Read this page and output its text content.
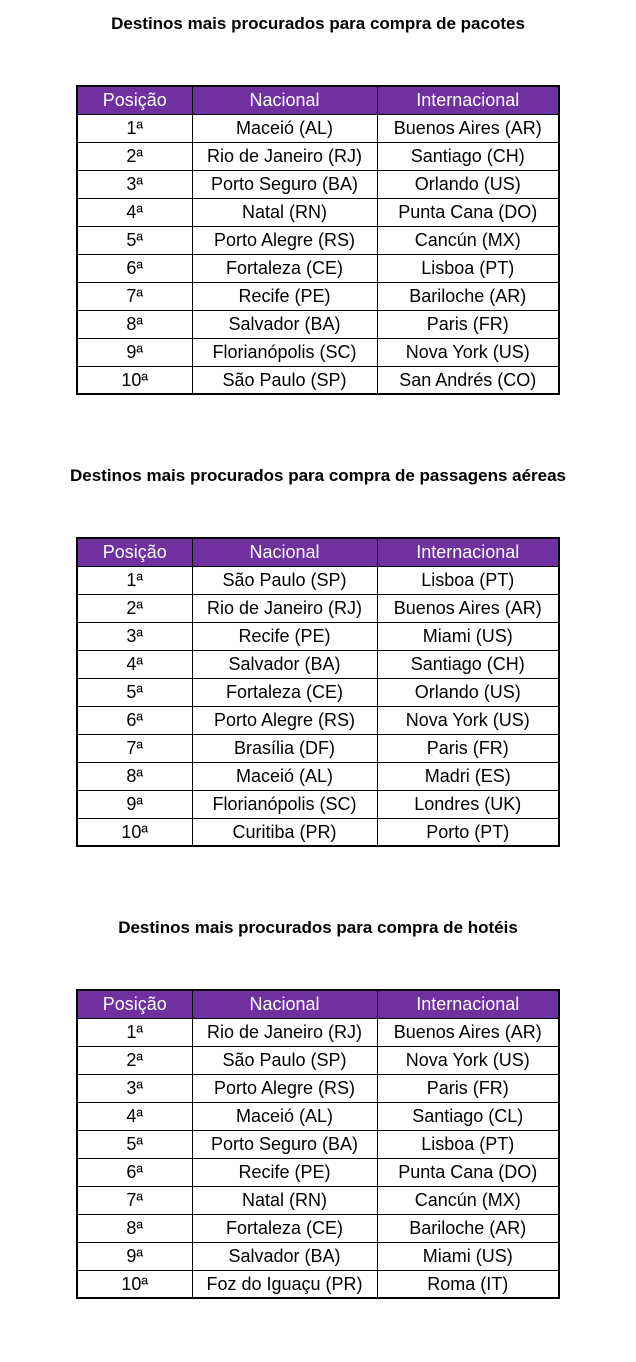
Destinos mais procurados para compra de pacotes
Posição	Nacional	Internacional
1ª	Maceió (AL)	Buenos Aires (AR)
2ª	Rio de Janeiro (RJ)	Santiago (CH)
3ª	Porto Seguro (BA)	Orlando (US)
4ª	Natal (RN)	Punta Cana (DO)
5ª	Porto Alegre (RS)	Cancún (MX)
6ª	Fortaleza (CE)	Lisboa (PT)
7ª	Recife (PE)	Bariloche (AR)
8ª	Salvador (BA)	Paris (FR)
9ª	Florianópolis (SC)	Nova York (US)
10ª	São Paulo (SP)	San Andrés (CO)
Destinos mais procurados para compra de passagens aéreas
Posição	Nacional	Internacional
1ª	São Paulo (SP)	Lisboa (PT)
2ª	Rio de Janeiro (RJ)	Buenos Aires (AR)
3ª	Recife (PE)	Miami (US)
4ª	Salvador (BA)	Santiago (CH)
5ª	Fortaleza (CE)	Orlando (US)
6ª	Porto Alegre (RS)	Nova York (US)
7ª	Brasília (DF)	Paris (FR)
8ª	Maceió (AL)	Madri (ES)
9ª	Florianópolis (SC)	Londres (UK)
10ª	Curitiba (PR)	Porto (PT)
Destinos mais procurados para compra de hotéis
Posição	Nacional	Internacional
1ª	Rio de Janeiro (RJ)	Buenos Aires (AR)
2ª	São Paulo (SP)	Nova York (US)
3ª	Porto Alegre (RS)	Paris (FR)
4ª	Maceió (AL)	Santiago (CL)
5ª	Porto Seguro (BA)	Lisboa (PT)
6ª	Recife (PE)	Punta Cana (DO)
7ª	Natal (RN)	Cancún (MX)
8ª	Fortaleza (CE)	Bariloche (AR)
9ª	Salvador (BA)	Miami (US)
10ª	Foz do Iguaçu (PR)	Roma (IT)
